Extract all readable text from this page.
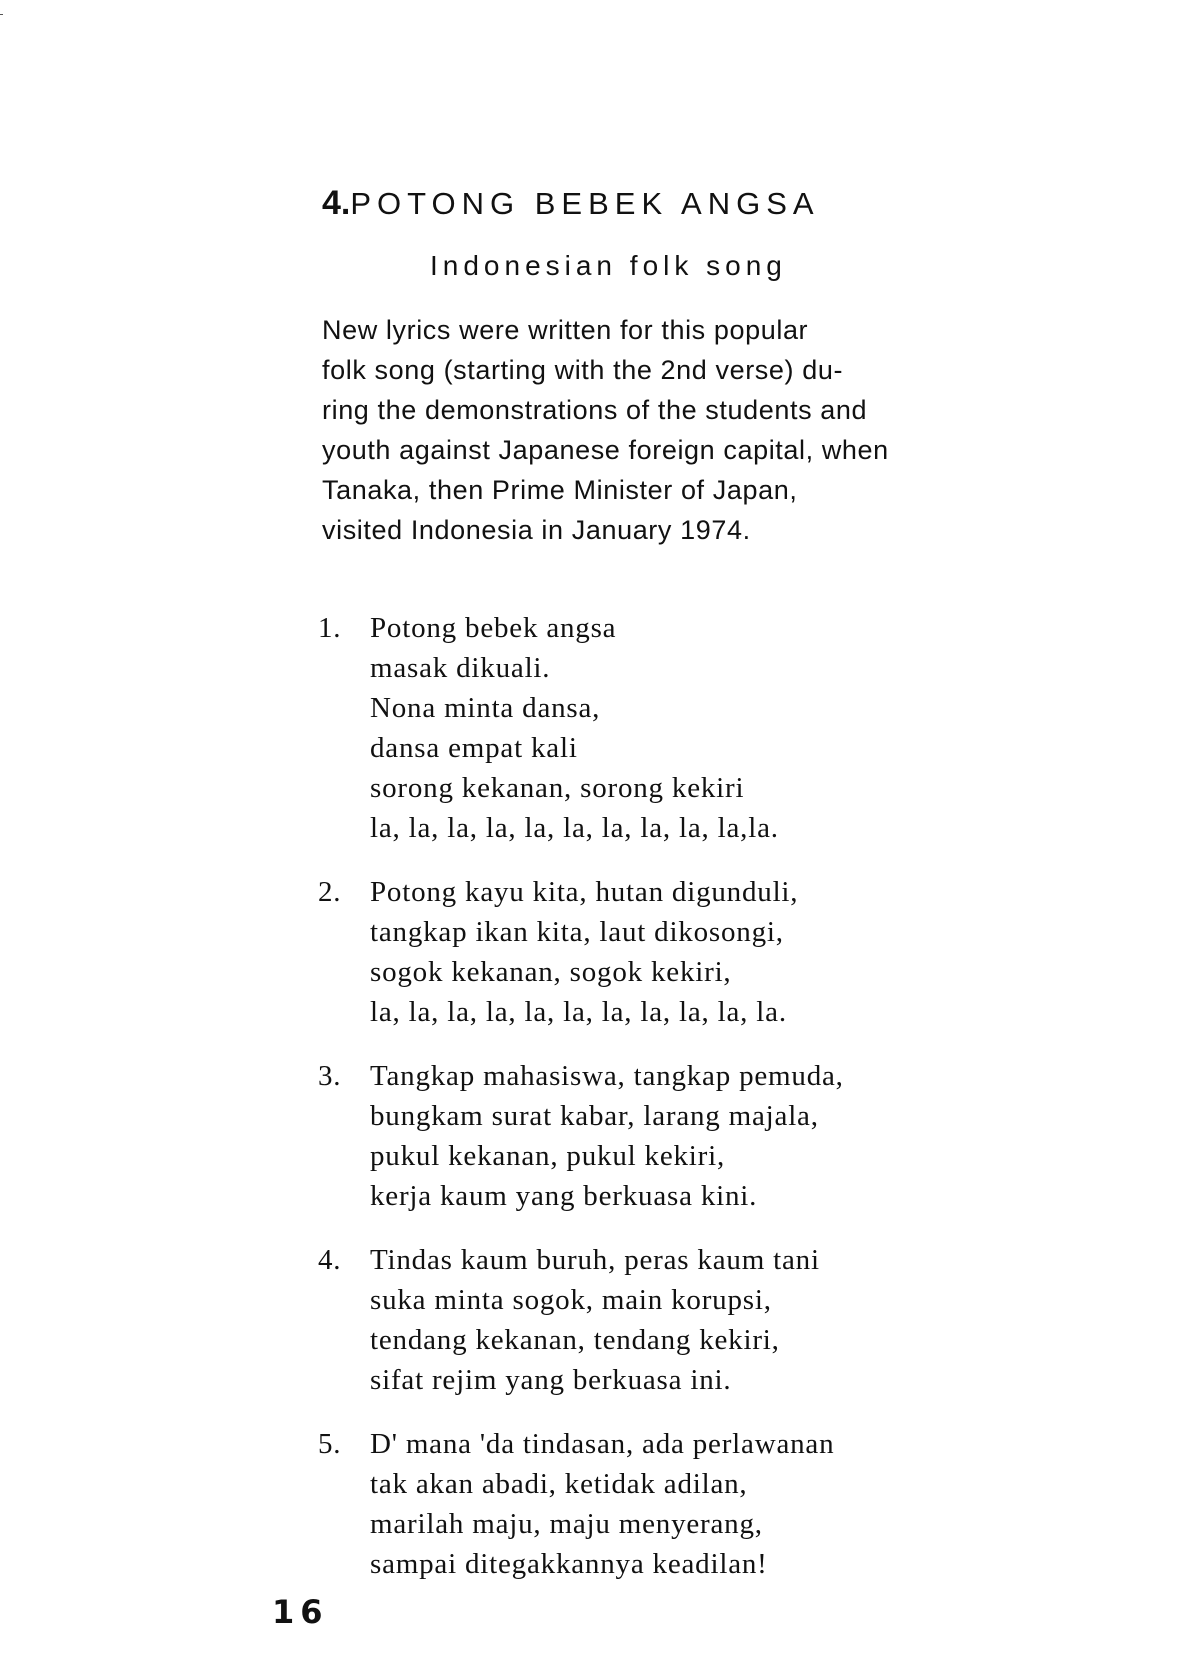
4.POTONG BEBEK ANGSA
Indonesian folk song
New lyrics were written for this popular
folk song (starting with the 2nd verse) du-
ring the demonstrations of the students and
youth against Japanese foreign capital, when
Tanaka, then Prime Minister of Japan,
visited Indonesia in January 1974.
1. Potong bebek angsa
masak dikuali.
Nona minta dansa,
dansa empat kali
sorong kekanan, sorong kekiri
la, la, la, la, la, la, la, la, la, la,la.
2. Potong kayu kita, hutan digunduli,
tangkap ikan kita, laut dikosongi,
sogok kekanan, sogok kekiri,
la, la, la, la, la, la, la, la, la, la, la.
3. Tangkap mahasiswa, tangkap pemuda,
bungkam surat kabar, larang majala,
pukul kekanan, pukul kekiri,
kerja kaum yang berkuasa kini.
4. Tindas kaum buruh, peras kaum tani
suka minta sogok, main korupsi,
tendang kekanan, tendang kekiri,
sifat rejim yang berkuasa ini.
5. D' mana 'da tindasan, ada perlawanan
tak akan abadi, ketidak adilan,
marilah maju, maju menyerang,
sampai ditegakkannya keadilan!
16
